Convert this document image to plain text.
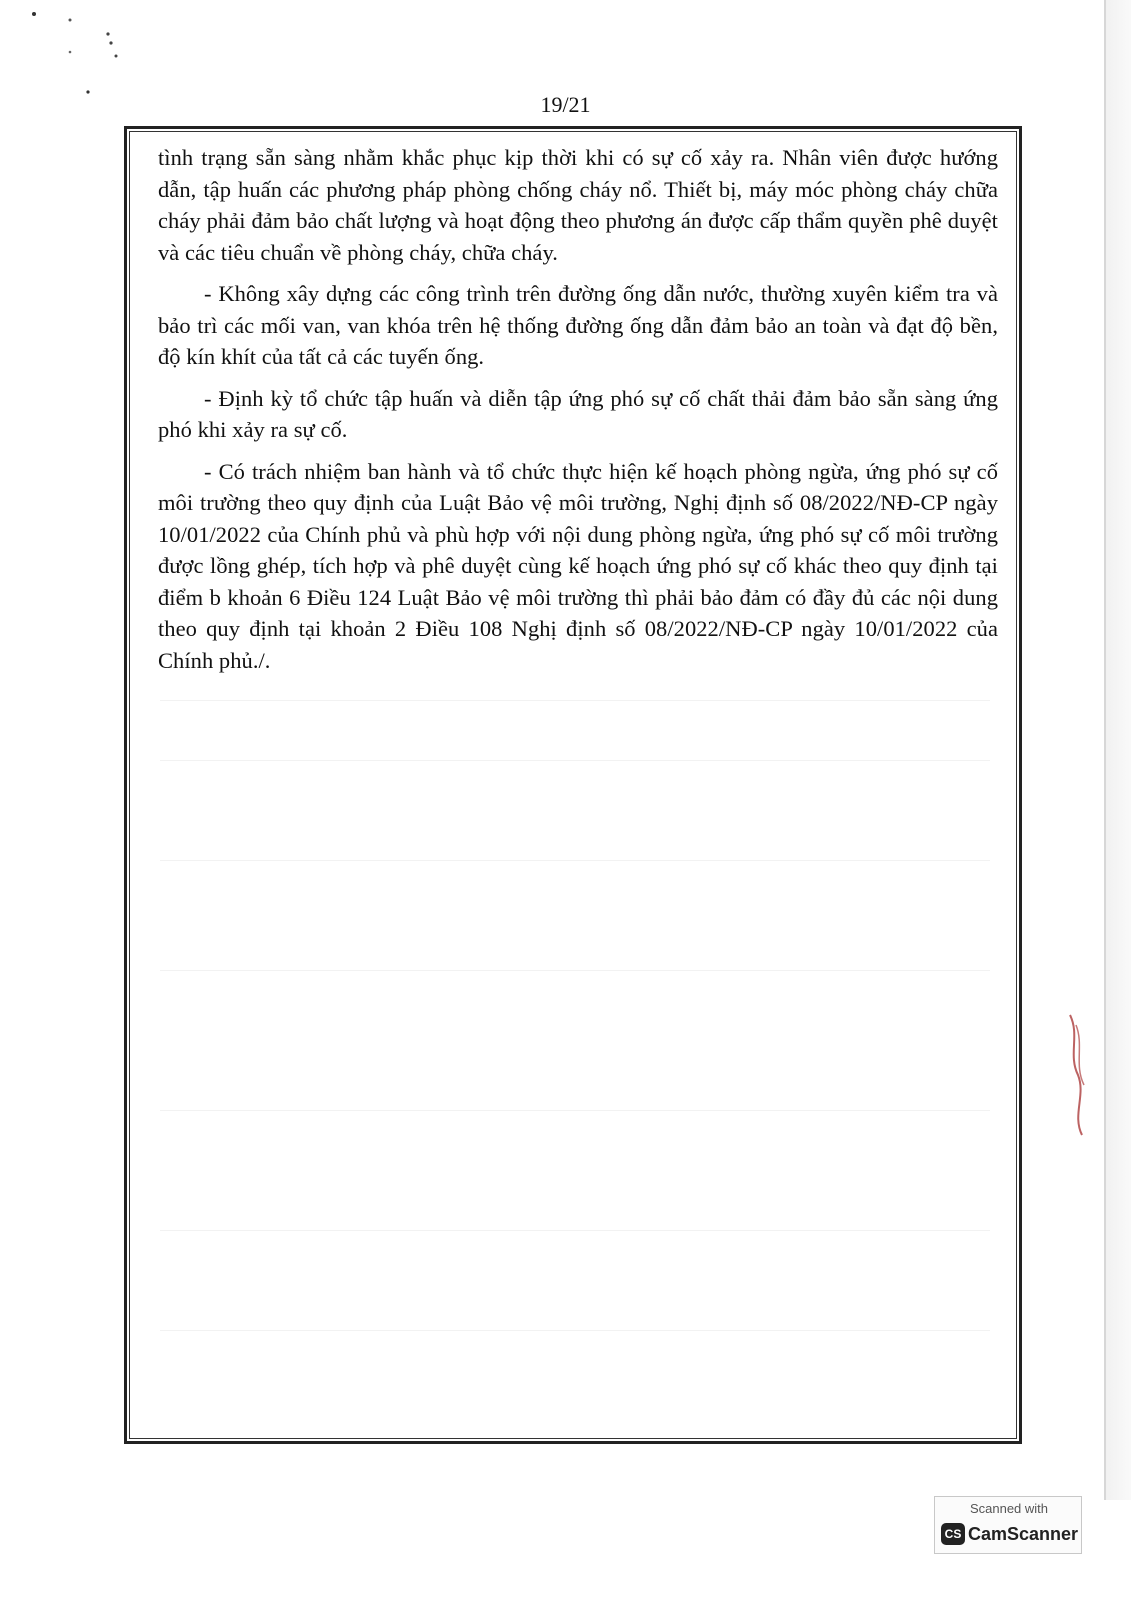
19/21

tình trạng sẵn sàng nhằm khắc phục kịp thời khi có sự cố xảy ra. Nhân viên được hướng dẫn, tập huấn các phương pháp phòng chống cháy nổ. Thiết bị, máy móc phòng cháy chữa cháy phải đảm bảo chất lượng và hoạt động theo phương án được cấp thẩm quyền phê duyệt và các tiêu chuẩn về phòng cháy, chữa cháy.

- Không xây dựng các công trình trên đường ống dẫn nước, thường xuyên kiểm tra và bảo trì các mối van, van khóa trên hệ thống đường ống dẫn đảm bảo an toàn và đạt độ bền, độ kín khít của tất cả các tuyến ống.

- Định kỳ tổ chức tập huấn và diễn tập ứng phó sự cố chất thải đảm bảo sẵn sàng ứng phó khi xảy ra sự cố.

- Có trách nhiệm ban hành và tổ chức thực hiện kế hoạch phòng ngừa, ứng phó sự cố môi trường theo quy định của Luật Bảo vệ môi trường, Nghị định số 08/2022/NĐ-CP ngày 10/01/2022 của Chính phủ và phù hợp với nội dung phòng ngừa, ứng phó sự cố môi trường được lồng ghép, tích hợp và phê duyệt cùng kế hoạch ứng phó sự cố khác theo quy định tại điểm b khoản 6 Điều 124 Luật Bảo vệ môi trường thì phải bảo đảm có đầy đủ các nội dung theo quy định tại khoản 2 Điều 108 Nghị định số 08/2022/NĐ-CP ngày 10/01/2022 của Chính phủ./.

Scanned with
CS CamScanner
